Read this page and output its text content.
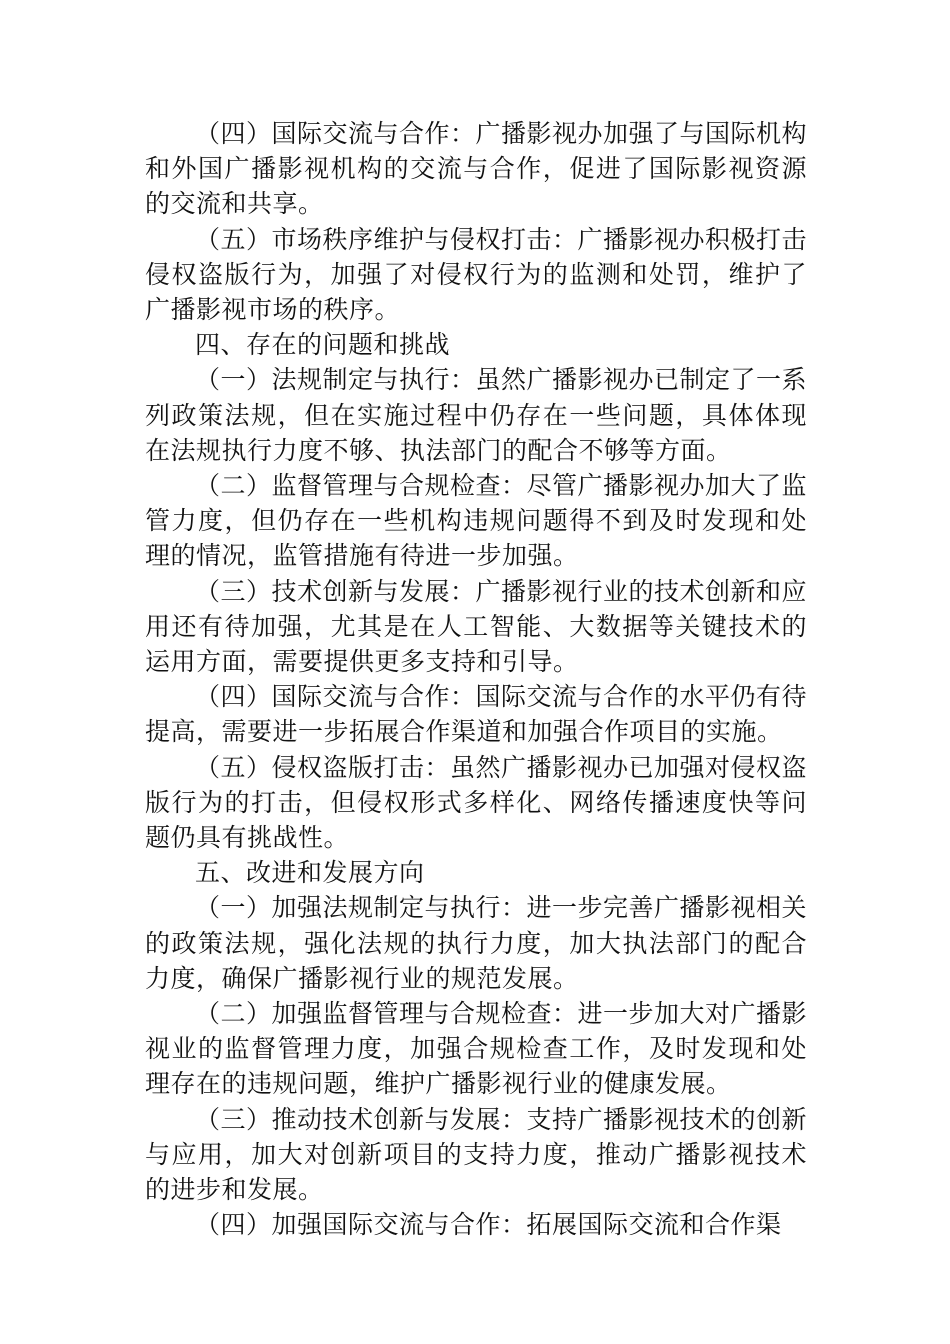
（四）国际交流与合作：广播影视办加强了与国际机构和外国广播影视机构的交流与合作，促进了国际影视资源的交流和共享。

（五）市场秩序维护与侵权打击：广播影视办积极打击侵权盗版行为，加强了对侵权行为的监测和处罚，维护了广播影视市场的秩序。

四、存在的问题和挑战

（一）法规制定与执行：虽然广播影视办已制定了一系列政策法规，但在实施过程中仍存在一些问题，具体体现在法规执行力度不够、执法部门的配合不够等方面。

（二）监督管理与合规检查：尽管广播影视办加大了监管力度，但仍存在一些机构违规问题得不到及时发现和处理的情况，监管措施有待进一步加强。

（三）技术创新与发展：广播影视行业的技术创新和应用还有待加强，尤其是在人工智能、大数据等关键技术的运用方面，需要提供更多支持和引导。

（四）国际交流与合作：国际交流与合作的水平仍有待提高，需要进一步拓展合作渠道和加强合作项目的实施。

（五）侵权盗版打击：虽然广播影视办已加强对侵权盗版行为的打击，但侵权形式多样化、网络传播速度快等问题仍具有挑战性。

五、改进和发展方向

（一）加强法规制定与执行：进一步完善广播影视相关的政策法规，强化法规的执行力度，加大执法部门的配合力度，确保广播影视行业的规范发展。

（二）加强监督管理与合规检查：进一步加大对广播影视业的监督管理力度，加强合规检查工作，及时发现和处理存在的违规问题，维护广播影视行业的健康发展。

（三）推动技术创新与发展：支持广播影视技术的创新与应用，加大对创新项目的支持力度，推动广播影视技术的进步和发展。

（四）加强国际交流与合作：拓展国际交流和合作渠
